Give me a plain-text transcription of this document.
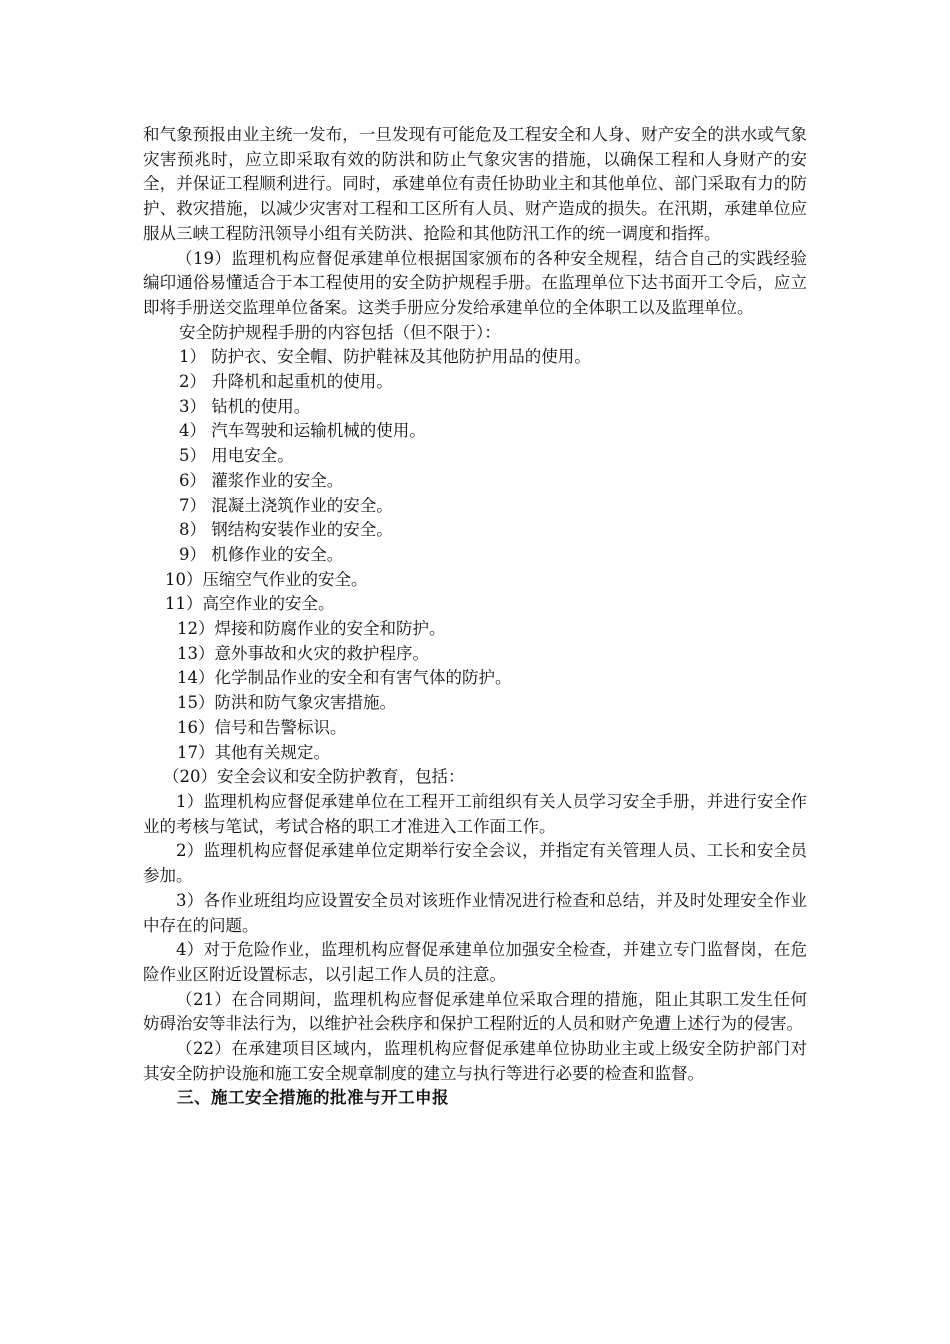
和气象预报由业主统一发布，一旦发现有可能危及工程安全和人身、财产安全的洪水或气象灾害预兆时，应立即采取有效的防洪和防止气象灾害的措施，以确保工程和人身财产的安全，并保证工程顺利进行。同时，承建单位有责任协助业主和其他单位、部门采取有力的防护、救灾措施，以减少灾害对工程和工区所有人员、财产造成的损失。在汛期，承建单位应服从三峡工程防汛领导小组有关防洪、抢险和其他防汛工作的统一调度和指挥。

（19）监理机构应督促承建单位根据国家颁布的各种安全规程，结合自己的实践经验编印通俗易懂适合于本工程使用的安全防护规程手册。在监理单位下达书面开工令后，应立即将手册送交监理单位备案。这类手册应分发给承建单位的全体职工以及监理单位。

安全防护规程手册的内容包括（但不限于）：

1） 防护衣、安全帽、防护鞋袜及其他防护用品的使用。

2） 升降机和起重机的使用。

3） 钻机的使用。

4） 汽车驾驶和运输机械的使用。

5） 用电安全。

6） 灌浆作业的安全。

7） 混凝土浇筑作业的安全。

8） 钢结构安装作业的安全。

9） 机修作业的安全。

10）压缩空气作业的安全。

11）高空作业的安全。

12）焊接和防腐作业的安全和防护。

13）意外事故和火灾的救护程序。

14）化学制品作业的安全和有害气体的防护。

15）防洪和防气象灾害措施。

16）信号和告警标识。

17）其他有关规定。

（20）安全会议和安全防护教育，包括：

1）监理机构应督促承建单位在工程开工前组织有关人员学习安全手册，并进行安全作业的考核与笔试，考试合格的职工才准进入工作面工作。

2）监理机构应督促承建单位定期举行安全会议，并指定有关管理人员、工长和安全员参加。

3）各作业班组均应设置安全员对该班作业情况进行检查和总结，并及时处理安全作业中存在的问题。

4）对于危险作业，监理机构应督促承建单位加强安全检查，并建立专门监督岗，在危险作业区附近设置标志，以引起工作人员的注意。

（21）在合同期间，监理机构应督促承建单位采取合理的措施，阻止其职工发生任何妨碍治安等非法行为，以维护社会秩序和保护工程附近的人员和财产免遭上述行为的侵害。

（22）在承建项目区域内，监理机构应督促承建单位协助业主或上级安全防护部门对其安全防护设施和施工安全规章制度的建立与执行等进行必要的检查和监督。

三、施工安全措施的批准与开工申报
